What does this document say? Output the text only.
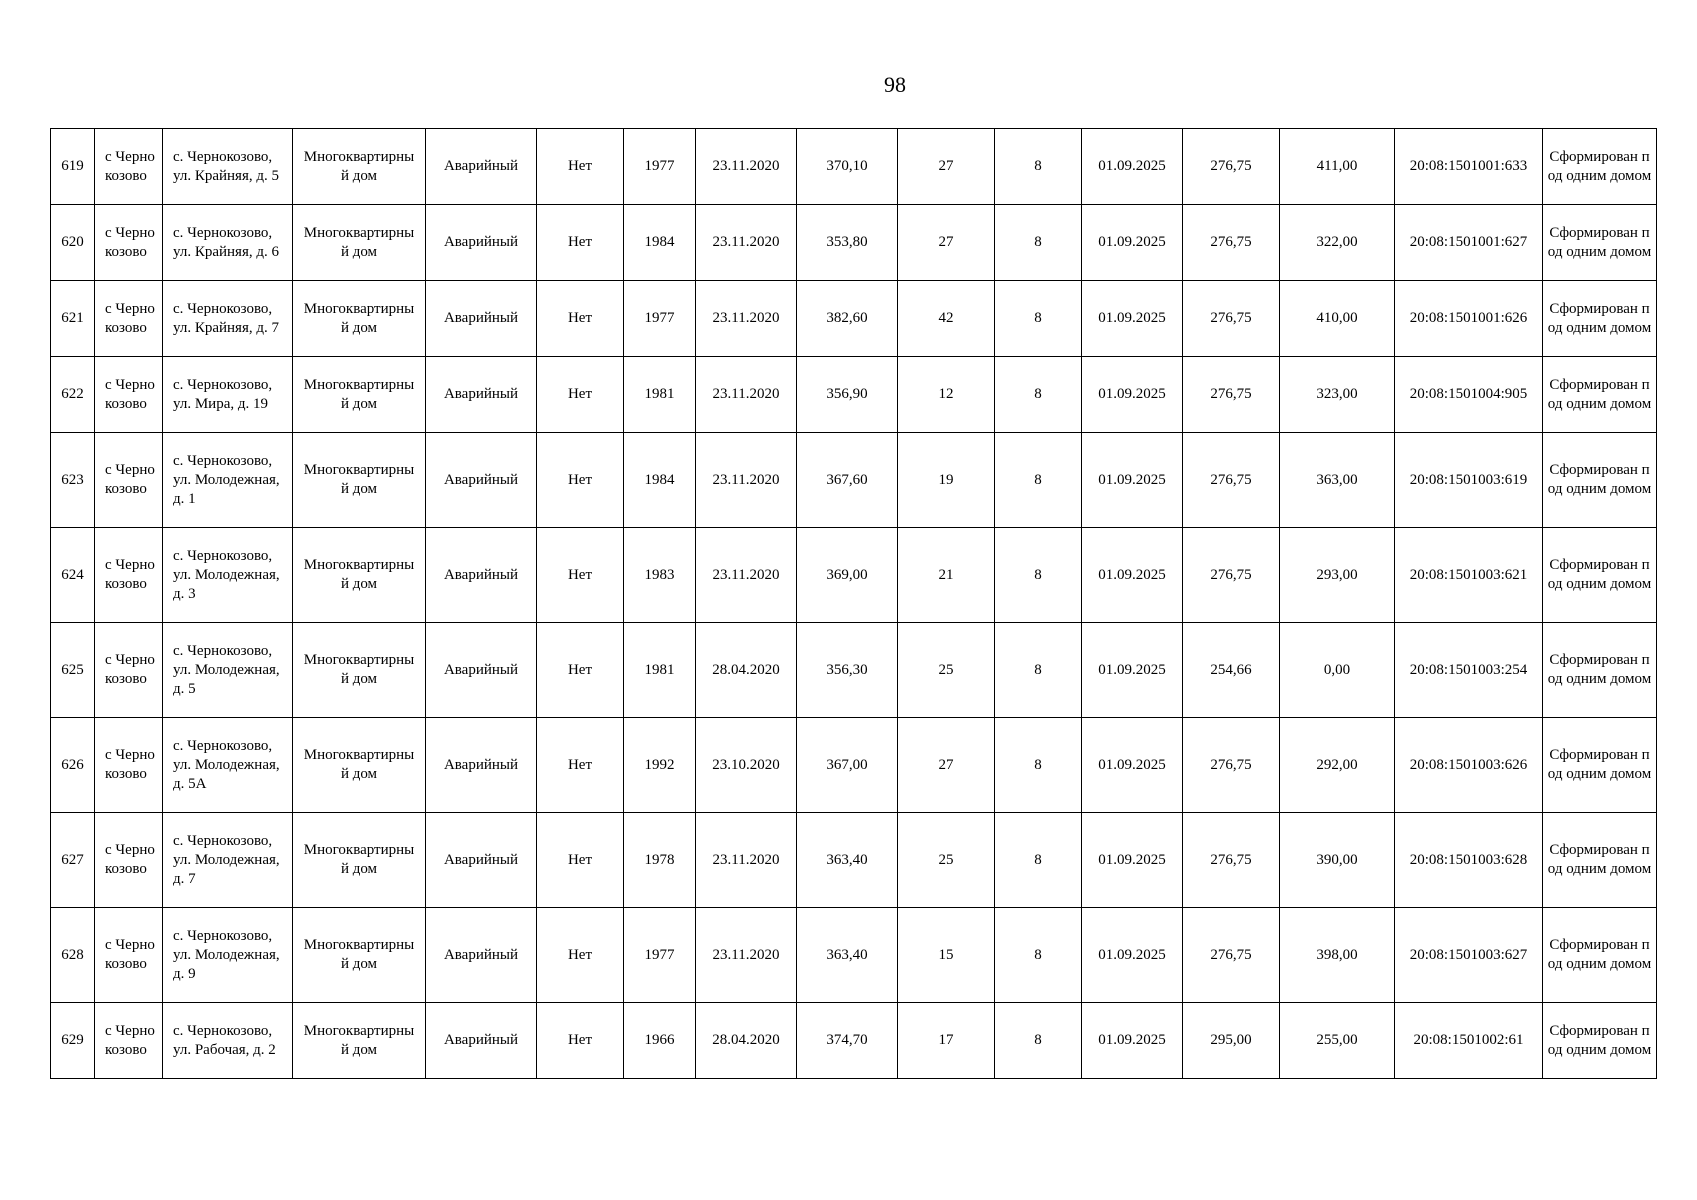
98
619	с Чернокозово	с. Чернокозово, ул. Крайняя, д. 5	Многоквартирный дом	Аварийный	Нет	1977	23.11.2020	370,10	27	8	01.09.2025	276,75	411,00	20:08:1501001:633	Сформирован под одним домом
620	с Чернокозово	с. Чернокозово, ул. Крайняя, д. 6	Многоквартирный дом	Аварийный	Нет	1984	23.11.2020	353,80	27	8	01.09.2025	276,75	322,00	20:08:1501001:627	Сформирован под одним домом
621	с Чернокозово	с. Чернокозово, ул. Крайняя, д. 7	Многоквартирный дом	Аварийный	Нет	1977	23.11.2020	382,60	42	8	01.09.2025	276,75	410,00	20:08:1501001:626	Сформирован под одним домом
622	с Чернокозово	с. Чернокозово, ул. Мира, д. 19	Многоквартирный дом	Аварийный	Нет	1981	23.11.2020	356,90	12	8	01.09.2025	276,75	323,00	20:08:1501004:905	Сформирован под одним домом
623	с Чернокозово	с. Чернокозово, ул. Молодежная, д. 1	Многоквартирный дом	Аварийный	Нет	1984	23.11.2020	367,60	19	8	01.09.2025	276,75	363,00	20:08:1501003:619	Сформирован под одним домом
624	с Чернокозово	с. Чернокозово, ул. Молодежная, д. 3	Многоквартирный дом	Аварийный	Нет	1983	23.11.2020	369,00	21	8	01.09.2025	276,75	293,00	20:08:1501003:621	Сформирован под одним домом
625	с Чернокозово	с. Чернокозово, ул. Молодежная, д. 5	Многоквартирный дом	Аварийный	Нет	1981	28.04.2020	356,30	25	8	01.09.2025	254,66	0,00	20:08:1501003:254	Сформирован под одним домом
626	с Чернокозово	с. Чернокозово, ул. Молодежная, д. 5А	Многоквартирный дом	Аварийный	Нет	1992	23.10.2020	367,00	27	8	01.09.2025	276,75	292,00	20:08:1501003:626	Сформирован под одним домом
627	с Чернокозово	с. Чернокозово, ул. Молодежная, д. 7	Многоквартирный дом	Аварийный	Нет	1978	23.11.2020	363,40	25	8	01.09.2025	276,75	390,00	20:08:1501003:628	Сформирован под одним домом
628	с Чернокозово	с. Чернокозово, ул. Молодежная, д. 9	Многоквартирный дом	Аварийный	Нет	1977	23.11.2020	363,40	15	8	01.09.2025	276,75	398,00	20:08:1501003:627	Сформирован под одним домом
629	с Чернокозово	с. Чернокозово, ул. Рабочая, д. 2	Многоквартирный дом	Аварийный	Нет	1966	28.04.2020	374,70	17	8	01.09.2025	295,00	255,00	20:08:1501002:61	Сформирован под одним домом
